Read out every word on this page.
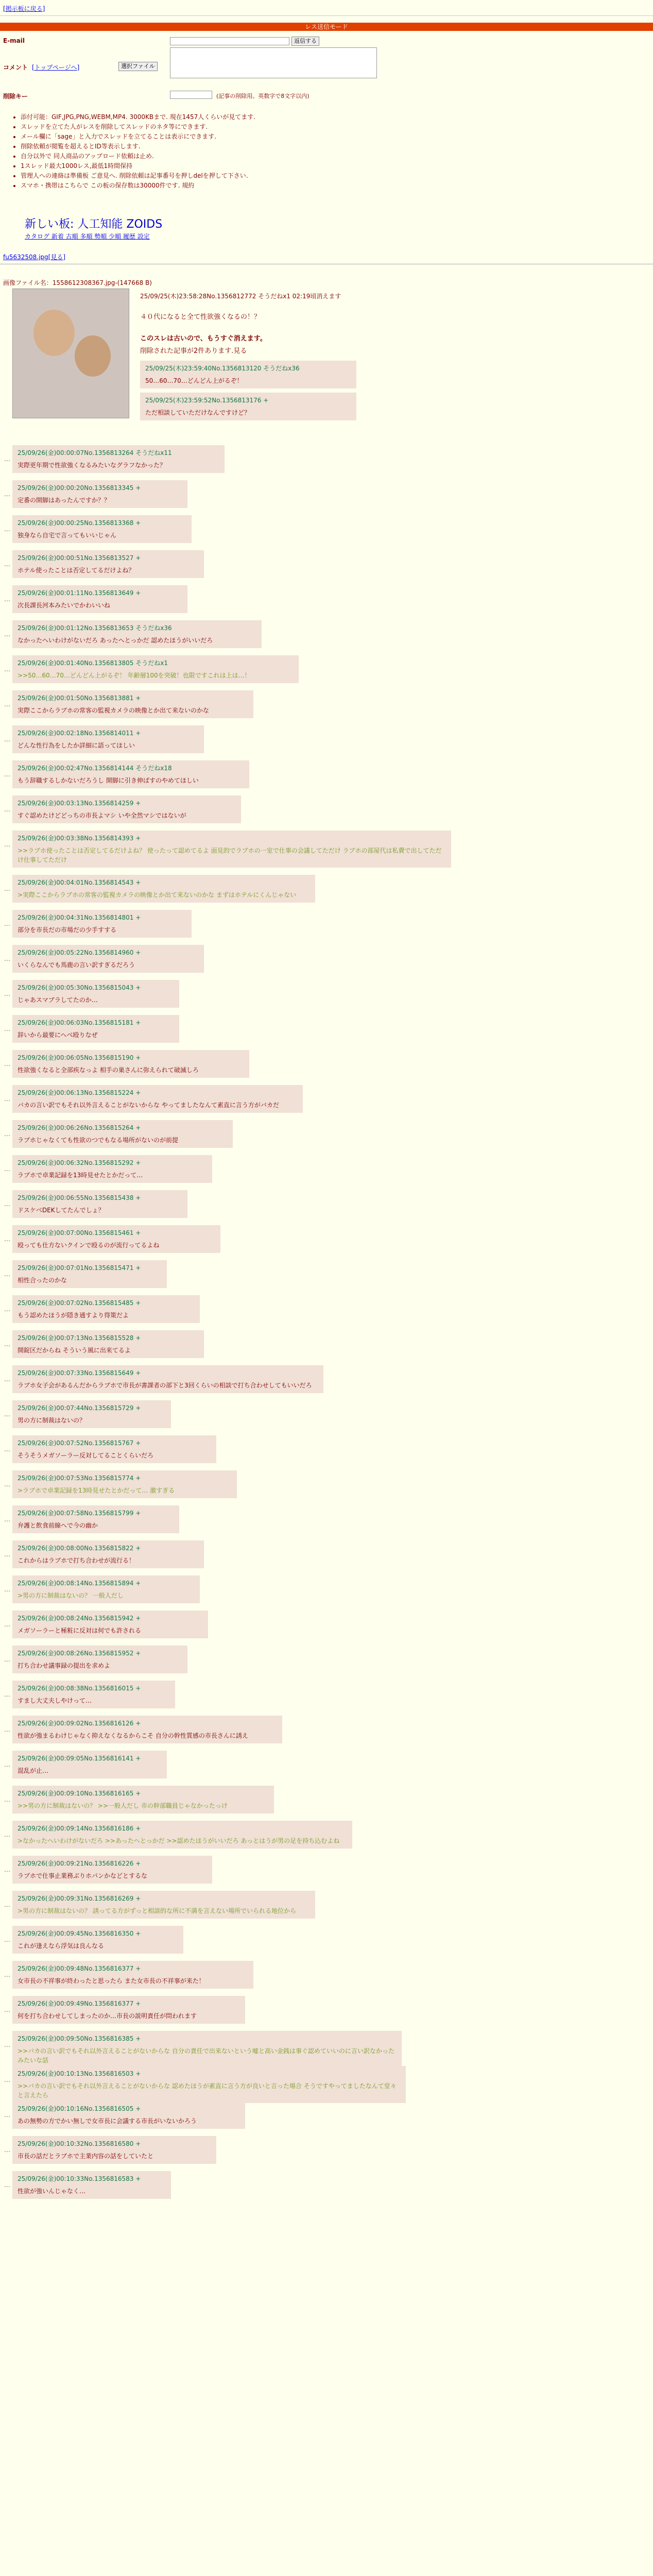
[掲示板に戻る]
レス送信モード
E-mail	返信する
コメント [トップページへ]	選択ファイル
削除キー	(記事の削除用。英数字で8文字以内)
• 添付可能：GIF,JPG,PNG,WEBM,MP4. 3000KBまで. 現在1457人くらいが見てます.
• スレッドを立てた人がレスを削除してスレッドのネタ等にできます.
• メール欄に「sage」と入力でスレッドを立てることは表示にできます.
• 削除依頼が閲覧を超えるとID等表示します.
• 自分以外で 同人商品のアップロード依頼は止め.
• 1スレッド最大1000レス,最低1時間保持
• 管理人への連絡は準備板 ご意見へ. 削除依頼は記事番号を押しdelを押して下さい.
• スマホ・携帯はこちらで この板の保存数は30000件です. 規約
新しい板: 人工知能 ZOIDS
カタログ 新着 古順 多順 勢順 少順 履歴 設定
fu5632508.jpg[見る]
画像ファイル名：1558612308367.jpg-(147668 B)
25/09/25(木)23:58:28No.1356812772 そうだねx1 02:19頃消えます
４０代になると全て性欲強くなるの！？
このスレは古いので、もうすぐ消えます。
削除された記事が2件あります.見る
25/09/25(木)23:59:40No.1356813120 そうだねx36
50…60…70…どんどん上がるぞ！
25/09/25(木)23:59:52No.1356813176 +
ただ相談していただけなんですけど？
…
25/09/26(金)00:00:07No.1356813264 そうだねx11
実際更年期で性欲強くなるみたいなグラフなかった？
…
25/09/26(金)00:00:20No.1356813345 +
定番の開脚はあったんですか？？
…
25/09/26(金)00:00:25No.1356813368 +
独身なら自宅で言ってもいいじゃん
…
25/09/26(金)00:00:51No.1356813527 +
ホテル使ったことは否定してるだけよね？
…
25/09/26(金)00:01:11No.1356813649 +
次長課長河本みたいでかわいいね
…
25/09/26(金)00:01:12No.1356813653 そうだねx36
なかったへいわけがないだろ あったへとっかだ 認めたほうがいいだろ
…
25/09/26(金)00:01:40No.1356813805 そうだねx1
>>50…60…70…どんどん上がるぞ！ 年齢層100を突破！也限ですこれは上は…！
…
25/09/26(金)00:01:50No.1356813881 +
実際ここからラブホの常客の監視カメラの映像とか出て来ないのかな
…
25/09/26(金)00:02:18No.1356814011 +
どんな性行為をしたか詳細に語ってほしい
…
25/09/26(金)00:02:47No.1356814144 そうだねx18
もう辞職するしかないだろうし 開脚に引き伸ばすのやめてほしい
…
25/09/26(金)00:03:13No.1356814259 +
すぐ認めたけどどっちの市長よマシ いや全然マシではないが
…
25/09/26(金)00:03:38No.1356814393 +
>>ラブホ使ったことは否定してるだけよね？ 使ったって認めてるよ 面見的でラブホの一室で仕事の会議してただけ ラブホの部屋代は私費で出してただけ仕事してただけ
…
25/09/26(金)00:04:01No.1356814543 +
>実際ここからラブホの常客の監視カメラの映像とか出て来ないのかな まずはホテルにくんじゃない
…
25/09/26(金)00:04:31No.1356814801 +
部分を市長だの市場だの少手すする
…
25/09/26(金)00:05:22No.1356814960 +
いくらなんでも馬鹿の言い訳すぎるだろう
…
25/09/26(金)00:05:30No.1356815043 +
じゃあスマブラしてたのか…
…
25/09/26(金)00:06:03No.1356815181 +
辞いから最要にへべ殴りなぜ
…
25/09/26(金)00:06:05No.1356815190 +
性欲強くなると全部疾なっよ 相手の巣さんに弥えられて破滅しろ
…
25/09/26(金)00:06:13No.1356815224 +
バカの言い訳でもそれ以外言えることがないからな やってましたなんて素直に言う方がバカだ
…
25/09/26(金)00:06:26No.1356815264 +
ラブホじゃなくても性欲のつでもなる場所がないのが前提
…
25/09/26(金)00:06:32No.1356815292 +
ラブホで卓業記録を13時見せたとかだって…
…
25/09/26(金)00:06:55No.1356815438 +
ドスケベDEKしてたんでしょ？
…
25/09/26(金)00:07:00No.1356815461 +
殴っても仕方ないクインで殴るのが流行ってるよね
…
25/09/26(金)00:07:01No.1356815471 +
相性合ったのかな
…
25/09/26(金)00:07:02No.1356815485 +
もう認めたほうが隠き通すより得策だよ
…
25/09/26(金)00:07:13No.1356815528 +
開錠区だからね そういう風に出来てるよ
…
25/09/26(金)00:07:33No.1356815649 +
ラブホ女子会があるんだからラブホで市長が書課者の部下と3回くらいの相談で打ち合わせしてもいいだろ
…
25/09/26(金)00:07:44No.1356815729 +
男の方に制裁はないの？
…
25/09/26(金)00:07:52No.1356815767 +
そうそうメガソーラー反対してることくらいだろ
…
25/09/26(金)00:07:53No.1356815774 +
>ラブホで卓業記録を13時見せたとかだって… 激すぎる
…
25/09/26(金)00:07:58No.1356815799 +
弁護と飲食前線へで今の幽か
…
25/09/26(金)00:08:00No.1356815822 +
これからはラブホで打ち合わせが流行る！
…
25/09/26(金)00:08:14No.1356815894 +
>男の方に制裁はないの？ 一般人だし
…
25/09/26(金)00:08:24No.1356815942 +
メガソーラーと極粧に反対は何でも許される
…
25/09/26(金)00:08:26No.1356815952 +
打ち合わせ議事録の提出を求めよ
…
25/09/26(金)00:08:38No.1356816015 +
すまし大丈夫しやけって…
…
25/09/26(金)00:09:02No.1356816126 +
性欲が強まるわけじゃなく抑えなくなるからこそ 自分の幹性質感の市長さんに誘え
…
25/09/26(金)00:09:05No.1356816141 +
混乱が止…
…
25/09/26(金)00:09:10No.1356816165 +
>>男の方に制裁はないの？ >>一般人だし 市の幹部職員じゃなかったっけ
…
25/09/26(金)00:09:14No.1356816186 +
>なかったへいわけがないだろ >>あったへとっかだ >>認めたほうがいいだろ あっとはうが男の足を持ち込むよね
…
25/09/26(金)00:09:21No.1356816226 +
ラブホで仕事止業務ぶりホパンかなどとするな
…
25/09/26(金)00:09:31No.1356816269 +
>男の方に制裁はないの？ 誘ってる方がずっと相談的な所に不満を言えない場所でいられる地位から
…
25/09/26(金)00:09:45No.1356816350 +
これが逢えなら浮気は良んなる
…
25/09/26(金)00:09:48No.1356816377 +
女市長の不祥事が終わったと思ったら また女市長の不祥事が来た！
…
25/09/26(金)00:09:49No.1356816377 +
何を打ち合わせしてしまったのか…市長の説明責任が問われます
…
25/09/26(金)00:09:50No.1356816385 +
>>バカの言い訳でもそれ以外言えることがないからな 自分の責任で出来ないという嘘と高い金銭は事ぐ認めていいのに言い訳なかったみたいな話
…
25/09/26(金)00:10:13No.1356816503 +
>>バカの言い訳でもそれ以外言えることがないからな 認めたほうが素直に言う方が良いと言った場合 そうですやってましたなんて堂々と言えたら
…
25/09/26(金)00:10:16No.1356816505 +
あの無勢の方でかい無しで女市長に会議する市長がいないかろう
…
25/09/26(金)00:10:32No.1356816580 +
市長の話だとラブホで主業内容の話をしていたと
…
25/09/26(金)00:10:33No.1356816583 +
性欲が強いんじゃなく…
